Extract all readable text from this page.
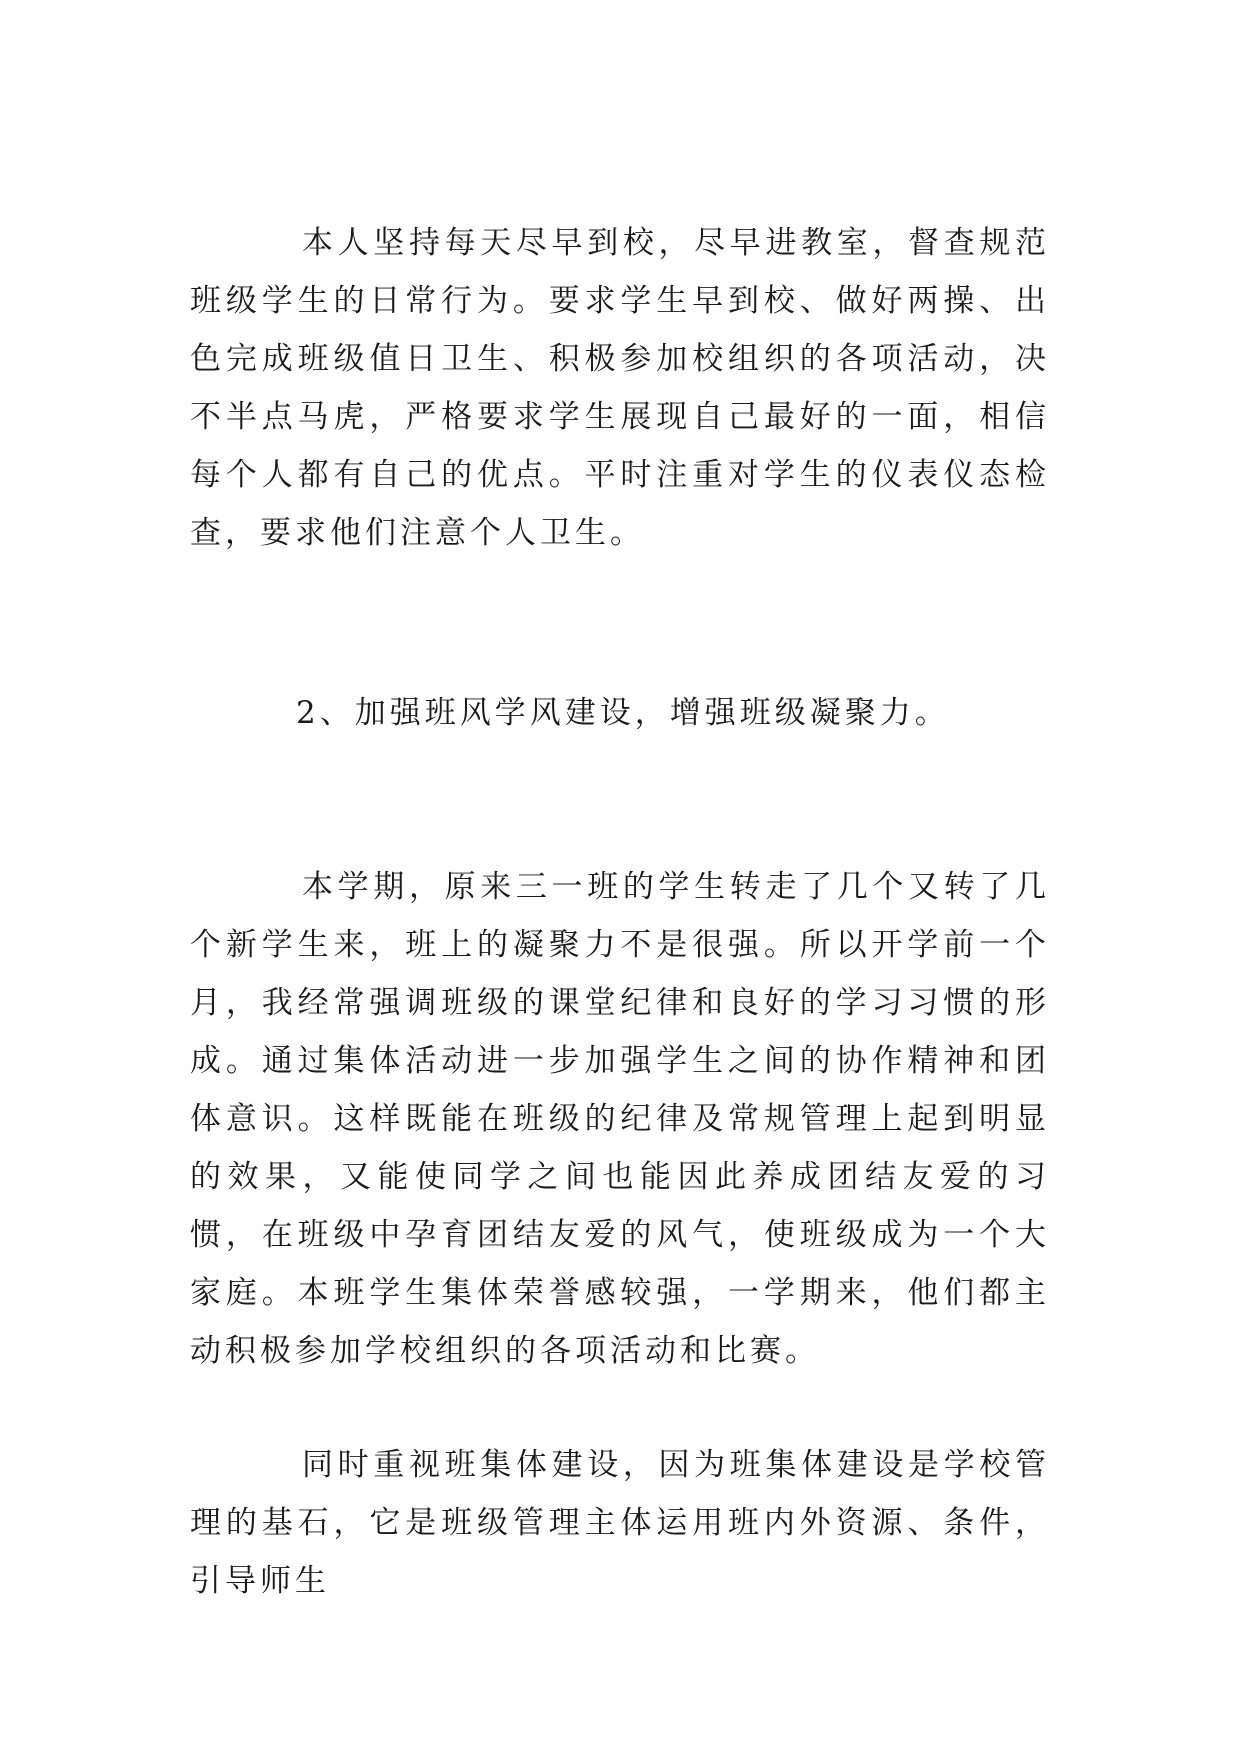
本人坚持每天尽早到校，尽早进教室，督查规范班级学生的日常行为。要求学生早到校、做好两操、出色完成班级值日卫生、积极参加校组织的各项活动，决不半点马虎，严格要求学生展现自己最好的一面，相信每个人都有自己的优点。平时注重对学生的仪表仪态检查，要求他们注意个人卫生。

2、加强班风学风建设，增强班级凝聚力。

本学期，原来三一班的学生转走了几个又转了几个新学生来，班上的凝聚力不是很强。所以开学前一个月，我经常强调班级的课堂纪律和良好的学习习惯的形成。通过集体活动进一步加强学生之间的协作精神和团体意识。这样既能在班级的纪律及常规管理上起到明显的效果，又能使同学之间也能因此养成团结友爱的习惯，在班级中孕育团结友爱的风气，使班级成为一个大家庭。本班学生集体荣誉感较强，一学期来，他们都主动积极参加学校组织的各项活动和比赛。

同时重视班集体建设，因为班集体建设是学校管理的基石，它是班级管理主体运用班内外资源、条件，引导师生
